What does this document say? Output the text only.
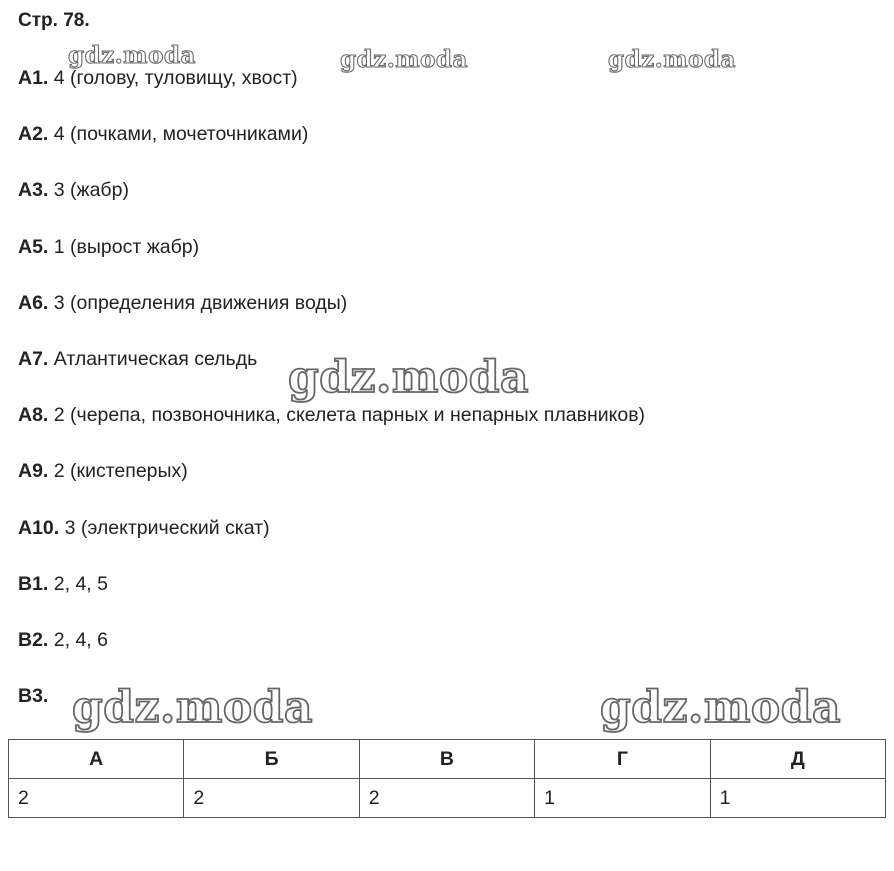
Стр. 78.
А1. 4 (голову, туловищу, хвост)
А2. 4 (почками, мочеточниками)
А3. 3 (жабр)
А5. 1 (вырост жабр)
А6. 3 (определения движения воды)
А7. Атлантическая сельдь
А8. 2 (черепа, позвоночника, скелета парных и непарных плавников)
А9. 2 (кистеперых)
А10. 3 (электрический скат)
В1. 2, 4, 5
В2. 2, 4, 6
В3.
А	Б	В	Г	Д
2	2	2	1	1
gdz.moda	gdz.moda	gdz.moda
gdz.moda
gdz.moda	gdz.moda
